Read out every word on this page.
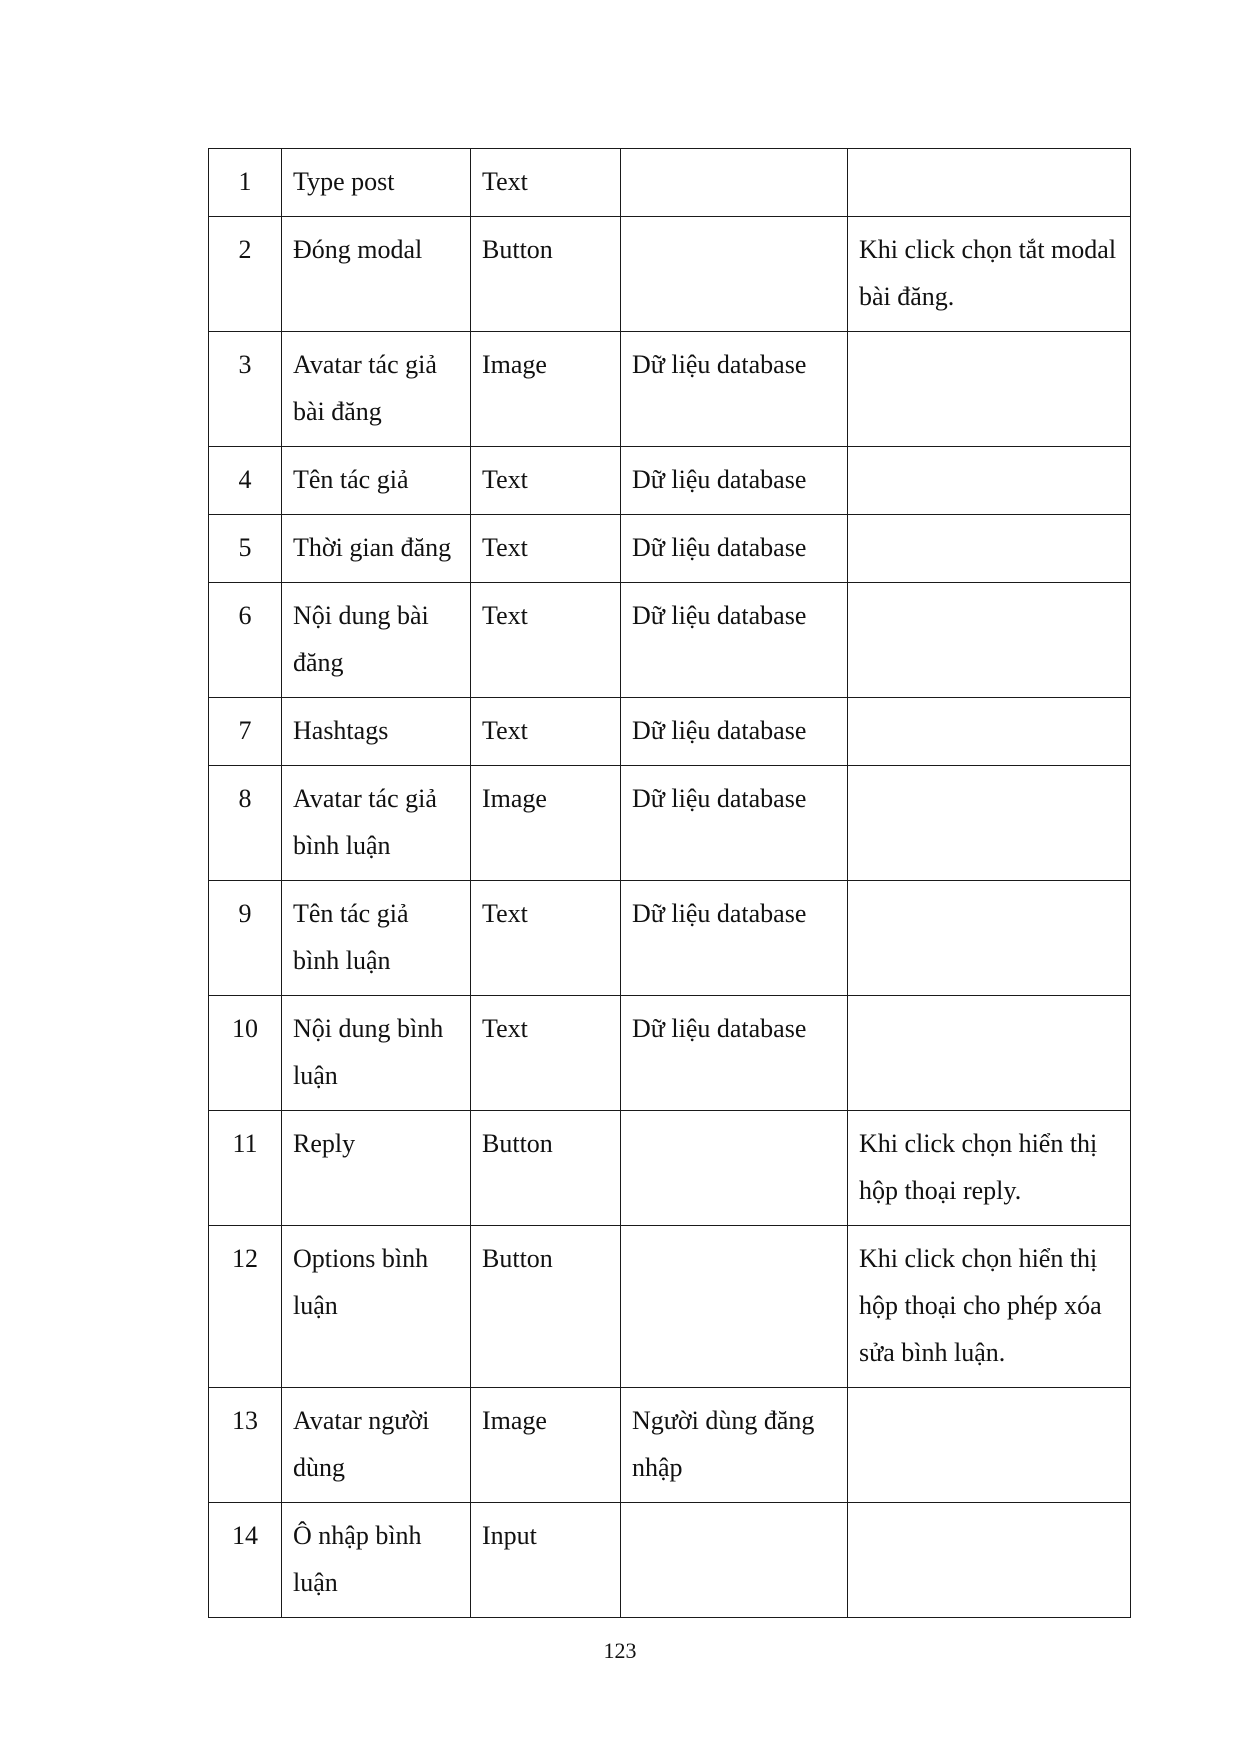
1	Type post	Text		
2	Đóng modal	Button		Khi click chọn tắt modal bài đăng.
3	Avatar tác giả bài đăng	Image	Dữ liệu database	
4	Tên tác giả	Text	Dữ liệu database	
5	Thời gian đăng	Text	Dữ liệu database	
6	Nội dung bài đăng	Text	Dữ liệu database	
7	Hashtags	Text	Dữ liệu database	
8	Avatar tác giả bình luận	Image	Dữ liệu database	
9	Tên tác giả bình luận	Text	Dữ liệu database	
10	Nội dung bình luận	Text	Dữ liệu database	
11	Reply	Button		Khi click chọn hiển thị hộp thoại reply.
12	Options bình luận	Button		Khi click chọn hiển thị hộp thoại cho phép xóa sửa bình luận.
13	Avatar người dùng	Image	Người dùng đăng nhập	
14	Ô nhập bình luận	Input		
123
